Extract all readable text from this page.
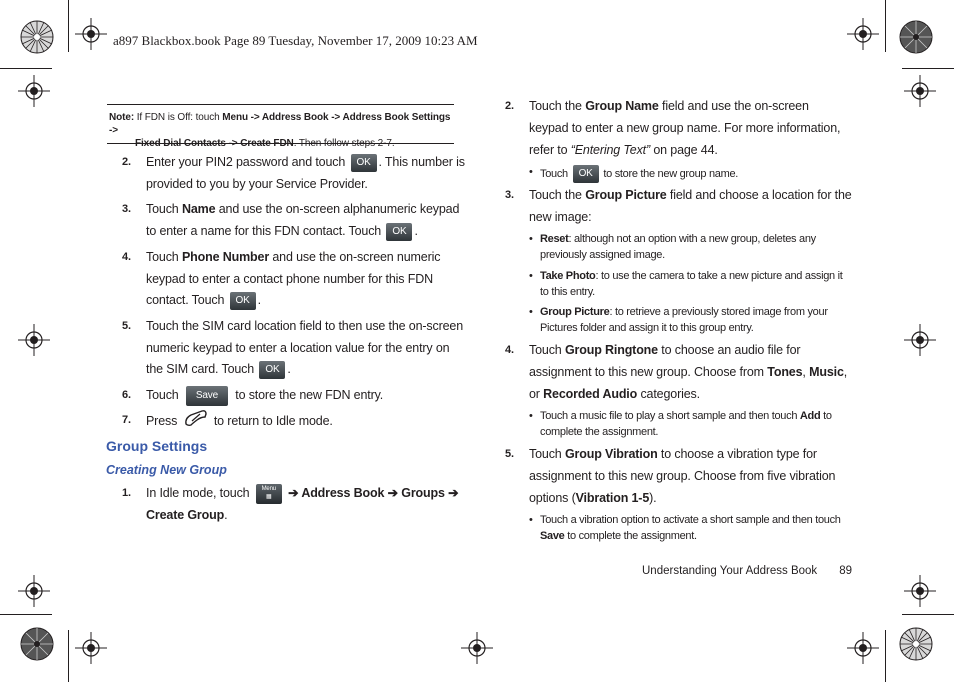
a897 Blackbox.book Page 89 Tuesday, November 17, 2009 10:23 AM
Note: If FDN is Off: touch Menu -> Address Book -> Address Book Settings ->
Fixed Dial Contacts -> Create FDN. Then follow steps 2-7.
2. Enter your PIN2 password and touch OK . This number is
provided to you by your Service Provider.
3. Touch Name and use the on-screen alphanumeric keypad
to enter a name for this FDN contact. Touch OK .
4. Touch Phone Number and use the on-screen numeric
keypad to enter a contact phone number for this FDN
contact. Touch OK .
5. Touch the SIM card location field to then use the on-screen
numeric keypad to enter a location value for the entry on
the SIM card. Touch OK .
6. Touch Save to store the new FDN entry.
7. Press  to return to Idle mode.
Group Settings
Creating New Group
1. In Idle mode, touch Menu
▦ ➔ Address Book ➔ Groups ➔
Create Group.
2. Touch the Group Name field and use the on-screen
keypad to enter a new group name. For more information,
refer to “Entering Text” on page 44.
• Touch OK to store the new group name.
3. Touch the Group Picture field and choose a location for the
new image:
• Reset: although not an option with a new group, deletes any
previously assigned image.
• Take Photo: to use the camera to take a new picture and assign it
to this entry.
• Group Picture: to retrieve a previously stored image from your
Pictures folder and assign it to this group entry.
4. Touch Group Ringtone to choose an audio file for
assignment to this new group. Choose from Tones, Music,
or Recorded Audio categories.
• Touch a music file to play a short sample and then touch Add to
complete the assignment.
5. Touch Group Vibration to choose a vibration type for
assignment to this new group. Choose from five vibration
options (Vibration 1-5).
• Touch a vibration option to activate a short sample and then touch
Save to complete the assignment.
Understanding Your Address Book 89
